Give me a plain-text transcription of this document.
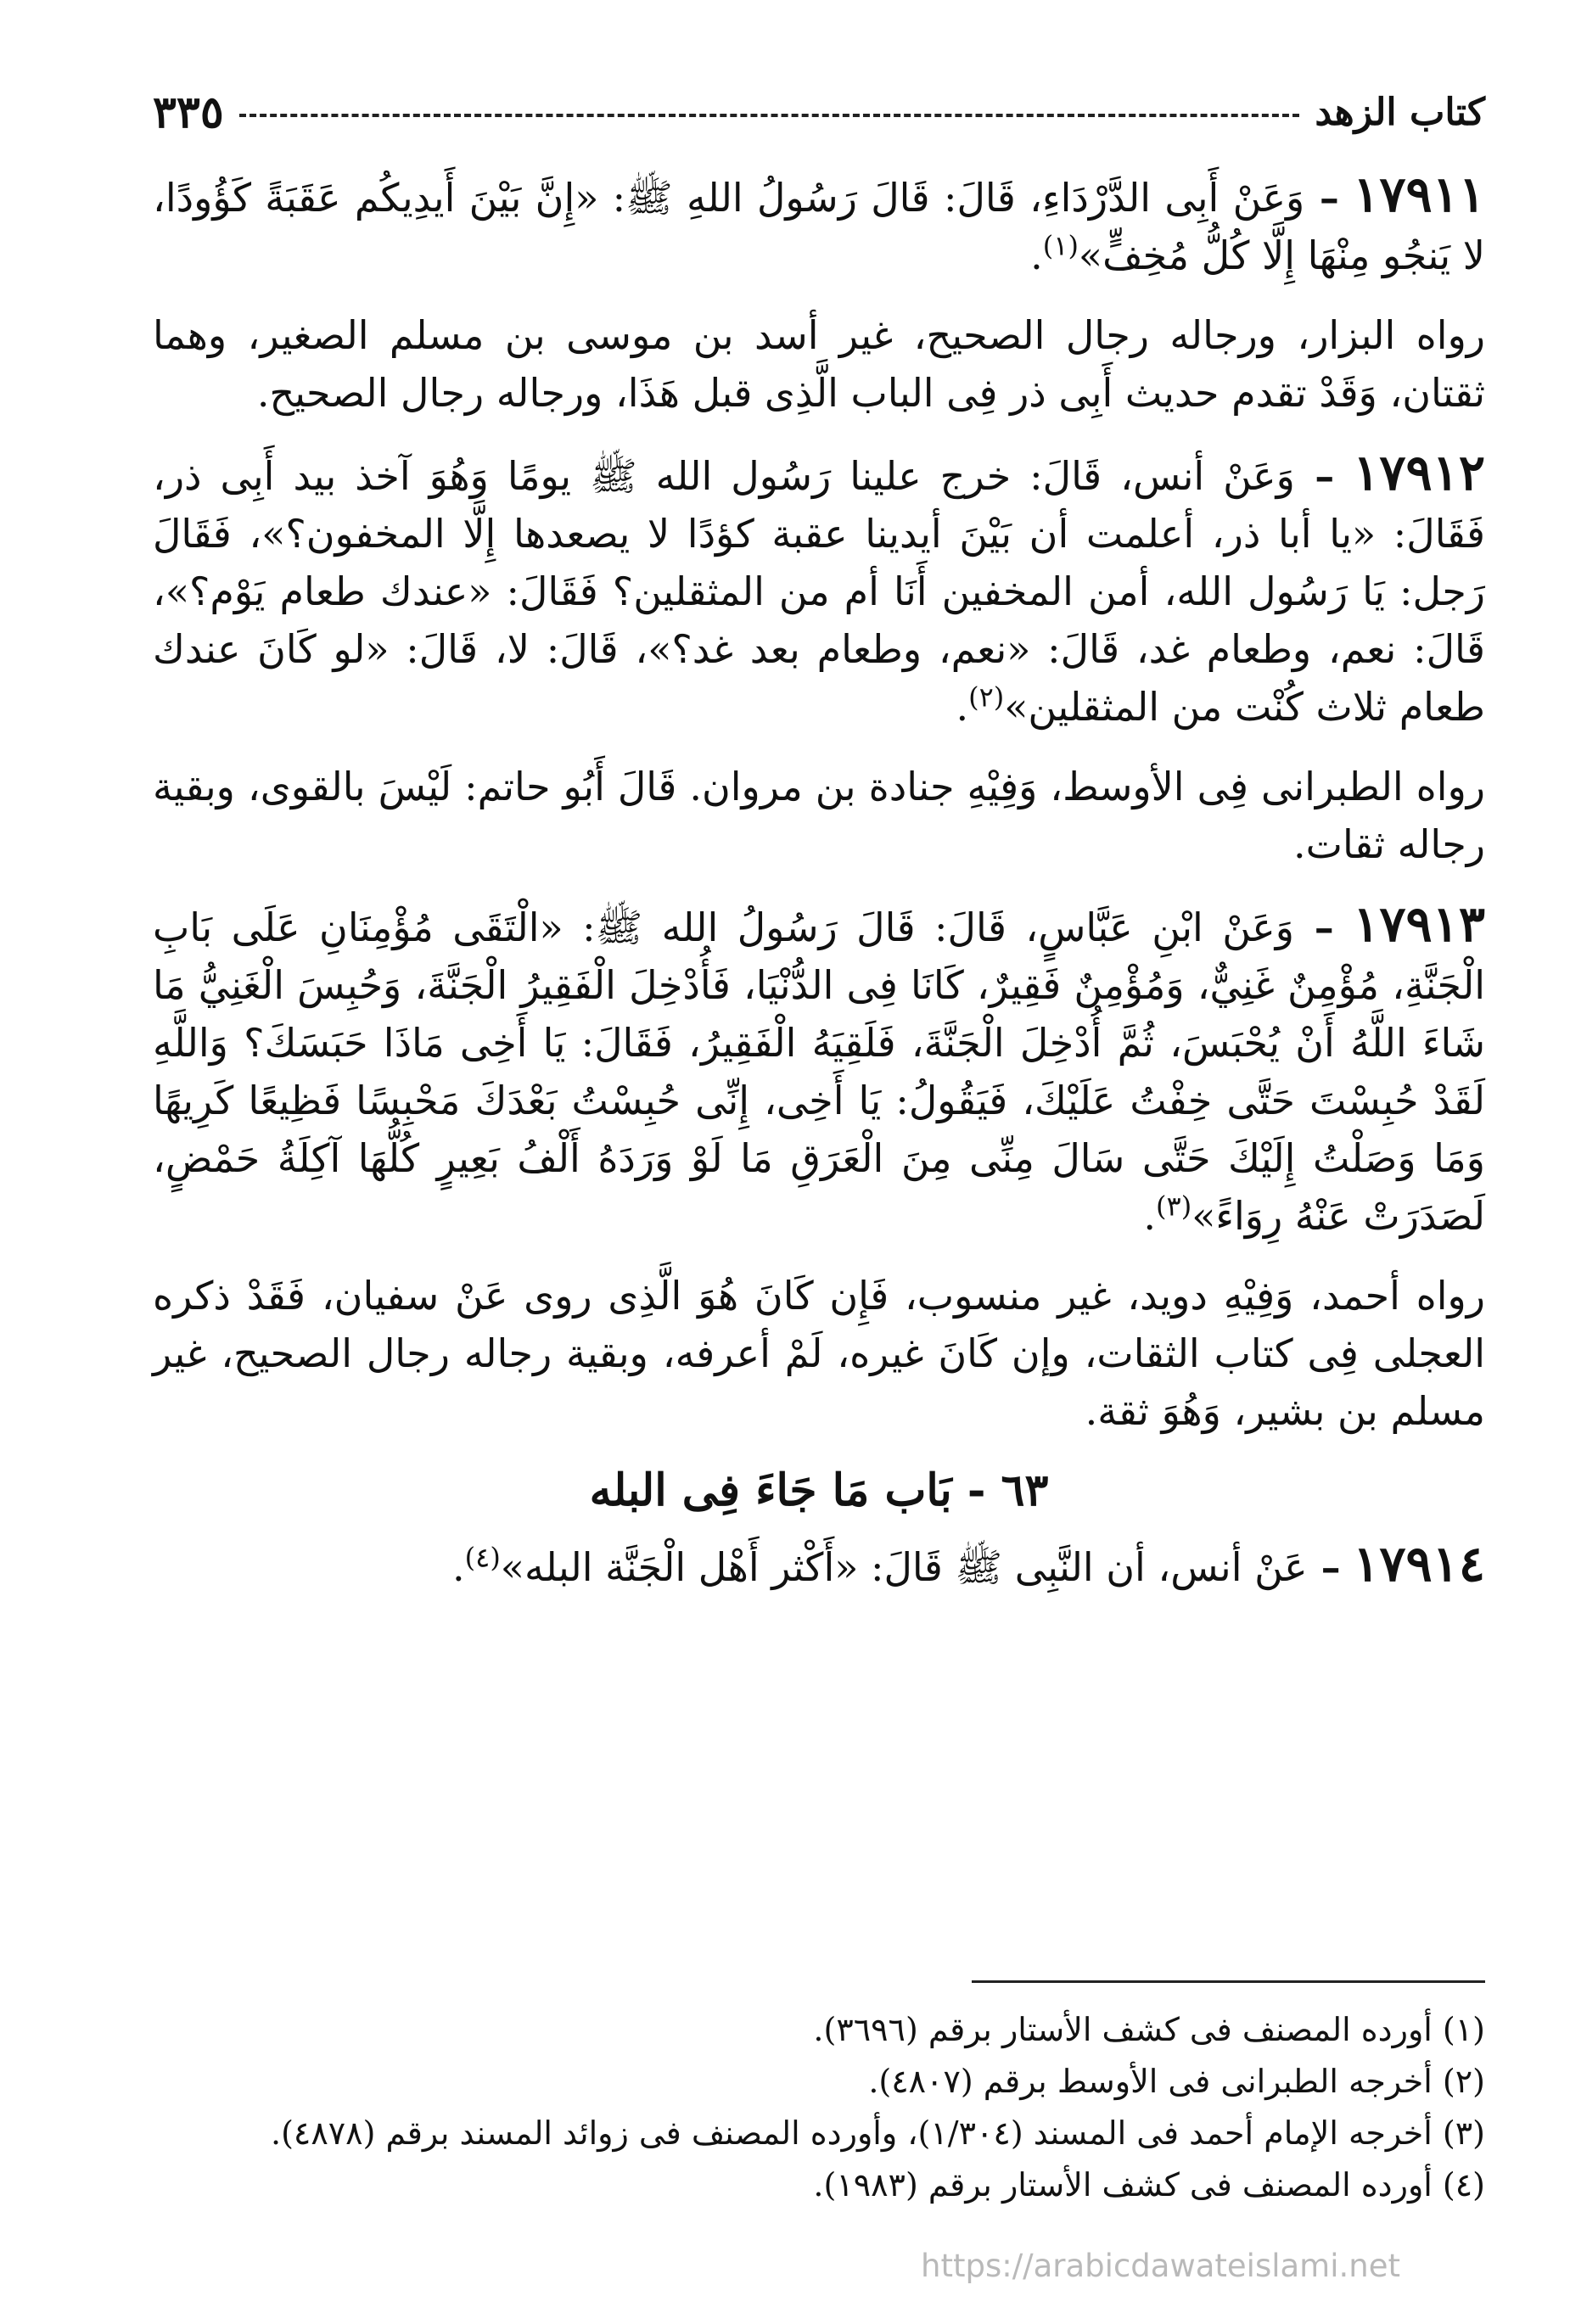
كتاب الزهد
٣٣٥

١٧٩١١ – وَعَنْ أَبِى الدَّرْدَاءِ، قَالَ: قَالَ رَسُولُ اللهِ ﷺ: «إِنَّ بَيْنَ أَيدِيكُم عَقَبَةً كَؤُودًا، لا يَنجُو مِنْهَا إِلَّا كُلُّ مُخِفٍّ»$^{(١)}$.

رواه البزار، ورجاله رجال الصحيح، غير أسد بن موسى بن مسلم الصغير، وهما ثقتان، وَقَدْ تقدم حديث أَبِى ذر فِى الباب الَّذِى قبل هَذَا، ورجاله رجال الصحيح.

١٧٩١٢ – وَعَنْ أنس، قَالَ: خرج علينا رَسُول الله ﷺ يومًا وَهُوَ آخذ بيد أَبِى ذر، فَقَالَ: «يا أبا ذر، أعلمت أن بَيْنَ أيدينا عقبة كؤدًا لا يصعدها إِلَّا المخفون؟»، فَقَالَ رَجل: يَا رَسُول الله، أمن المخفين أَنَا أم من المثقلين؟ فَقَالَ: «عندك طعام يَوْم؟»، قَالَ: نعم، وطعام غد، قَالَ: «نعم، وطعام بعد غد؟»، قَالَ: لا، قَالَ: «لو كَانَ عندك طعام ثلاث كُنْت من المثقلين»$^{(٢)}$.

رواه الطبرانى فِى الأوسط، وَفِيْهِ جنادة بن مروان. قَالَ أَبُو حاتم: لَيْسَ بالقوى، وبقية رجاله ثقات.

١٧٩١٣ – وَعَنْ ابْنِ عَبَّاسٍ، قَالَ: قَالَ رَسُولُ الله ﷺ: «الْتَقَى مُؤْمِنَانِ عَلَى بَابِ الْجَنَّةِ، مُؤْمِنٌ غَنِيٌّ، وَمُؤْمِنٌ فَقِيرٌ، كَانَا فِى الدُّنْيَا، فَأُدْخِلَ الْفَقِيرُ الْجَنَّةَ، وَحُبِسَ الْغَنِيُّ مَا شَاءَ اللَّهُ أَنْ يُحْبَسَ، ثُمَّ أُدْخِلَ الْجَنَّةَ، فَلَقِيَهُ الْفَقِيرُ، فَقَالَ: يَا أَخِى مَاذَا حَبَسَكَ؟ وَاللَّهِ لَقَدْ حُبِسْتَ حَتَّى خِفْتُ عَلَيْكَ، فَيَقُولُ: يَا أَخِى، إِنِّى حُبِسْتُ بَعْدَكَ مَحْبِسًا فَظِيعًا كَرِيهًا وَمَا وَصَلْتُ إِلَيْكَ حَتَّى سَالَ مِنِّى مِنَ الْعَرَقِ مَا لَوْ وَرَدَهُ أَلْفُ بَعِيرٍ كُلُّهَا آكِلَةُ حَمْضٍ، لَصَدَرَتْ عَنْهُ رِوَاءً»$^{(٣)}$.

رواه أحمد، وَفِيْهِ دويد، غير منسوب، فَإِن كَانَ هُوَ الَّذِى روى عَنْ سفيان، فَقَدْ ذكره العجلى فِى كتاب الثقات، وإن كَانَ غيره، لَمْ أعرفه، وبقية رجاله رجال الصحيح، غير مسلم بن بشير، وَهُوَ ثقة.

٦٣ - بَاب مَا جَاءَ فِى البله

١٧٩١٤ – عَنْ أنس، أن النَّبِى ﷺ قَالَ: «أَكْثر أَهْل الْجَنَّة البله»$^{(٤)}$.

(١) أورده المصنف فى كشف الأستار برقم (٣٦٩٦).
(٢) أخرجه الطبرانى فى الأوسط برقم (٤٨٠٧).
(٣) أخرجه الإمام أحمد فى المسند (١/٣٠٤)، وأورده المصنف فى زوائد المسند برقم (٤٨٧٨).
(٤) أورده المصنف فى كشف الأستار برقم (١٩٨٣).
https://arabicdawateislami.net
